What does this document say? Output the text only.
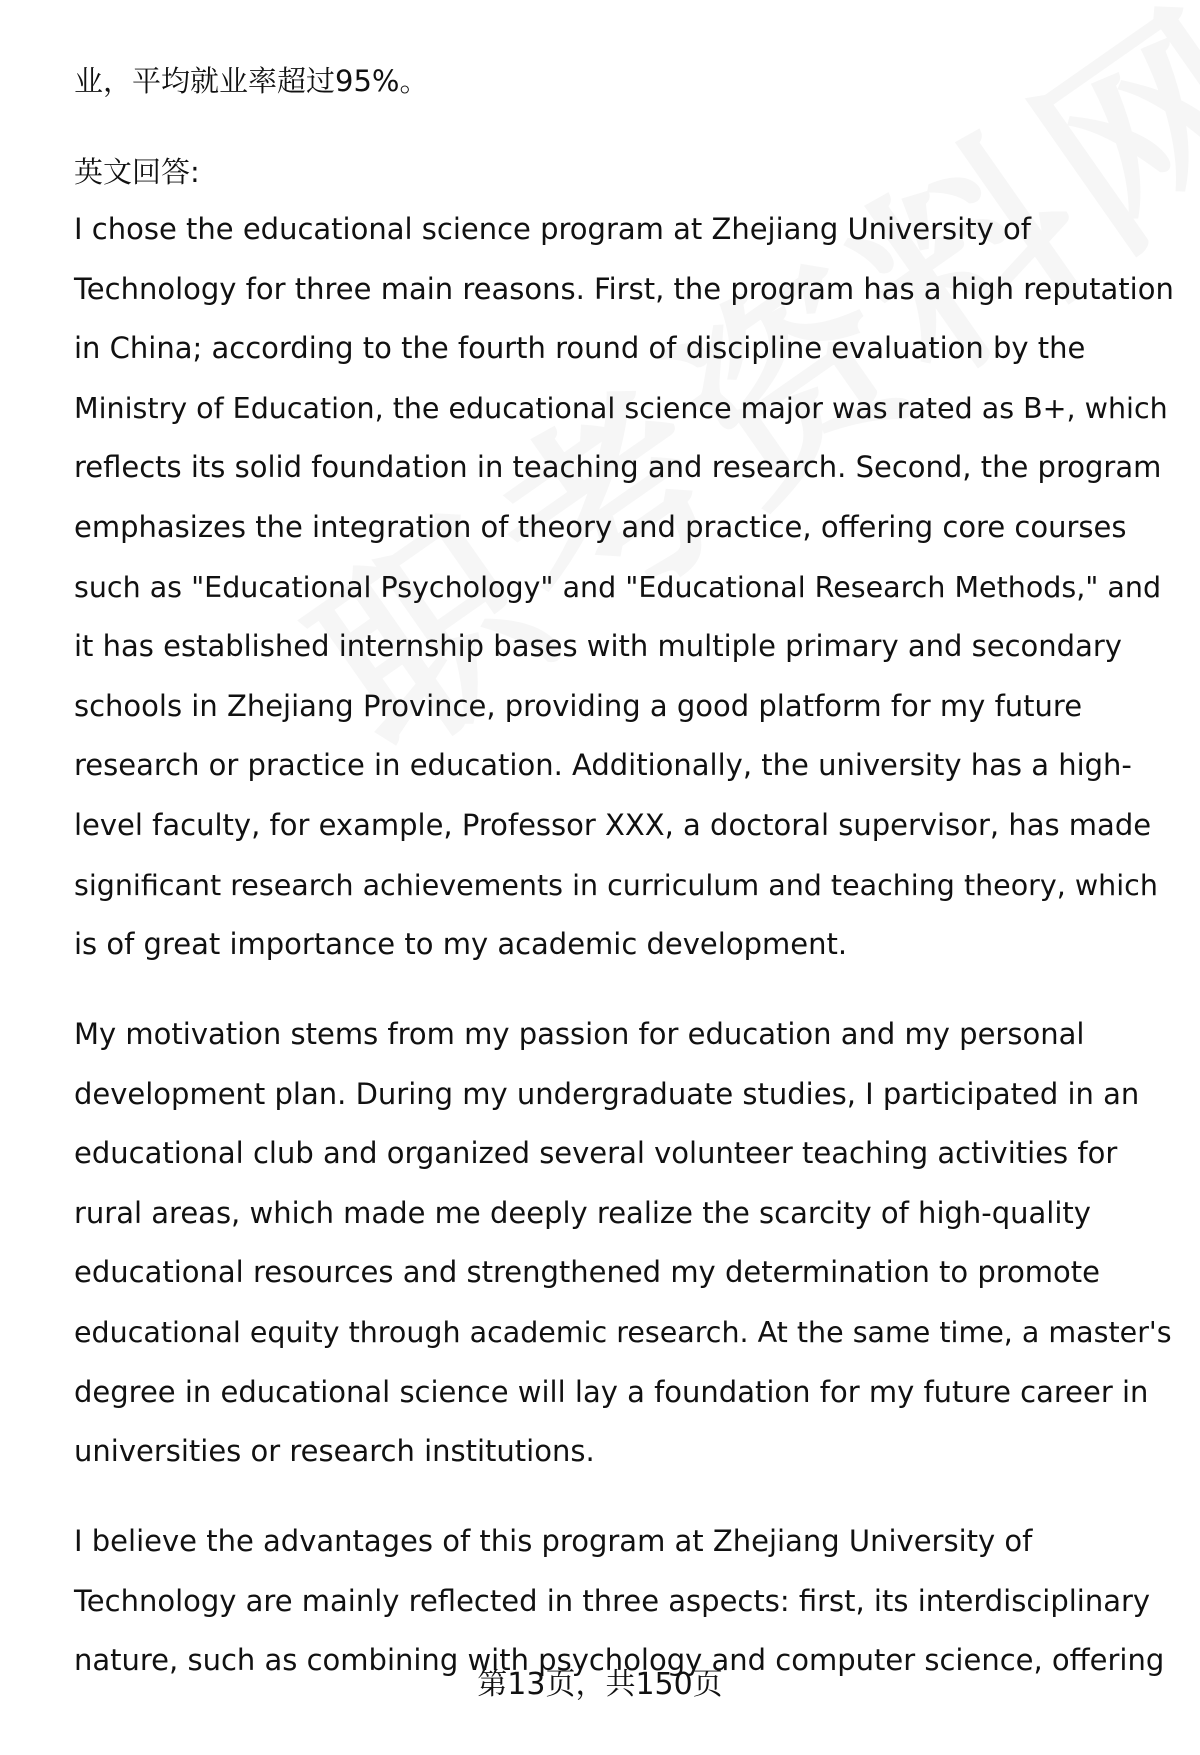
业，平均就业率超过95%。
英文回答:
I chose the educational science program at Zhejiang University of
Technology for three main reasons. First, the program has a high reputation
in China; according to the fourth round of discipline evaluation by the
Ministry of Education, the educational science major was rated as B+, which
reflects its solid foundation in teaching and research. Second, the program
emphasizes the integration of theory and practice, offering core courses
such as "Educational Psychology" and "Educational Research Methods," and
it has established internship bases with multiple primary and secondary
schools in Zhejiang Province, providing a good platform for my future
research or practice in education. Additionally, the university has a high-
level faculty, for example, Professor XXX, a doctoral supervisor, has made
significant research achievements in curriculum and teaching theory, which
is of great importance to my academic development.
My motivation stems from my passion for education and my personal
development plan. During my undergraduate studies, I participated in an
educational club and organized several volunteer teaching activities for
rural areas, which made me deeply realize the scarcity of high-quality
educational resources and strengthened my determination to promote
educational equity through academic research. At the same time, a master's
degree in educational science will lay a foundation for my future career in
universities or research institutions.
I believe the advantages of this program at Zhejiang University of
Technology are mainly reflected in three aspects: first, its interdisciplinary
nature, such as combining with psychology and computer science, offering
第13页，共150页
